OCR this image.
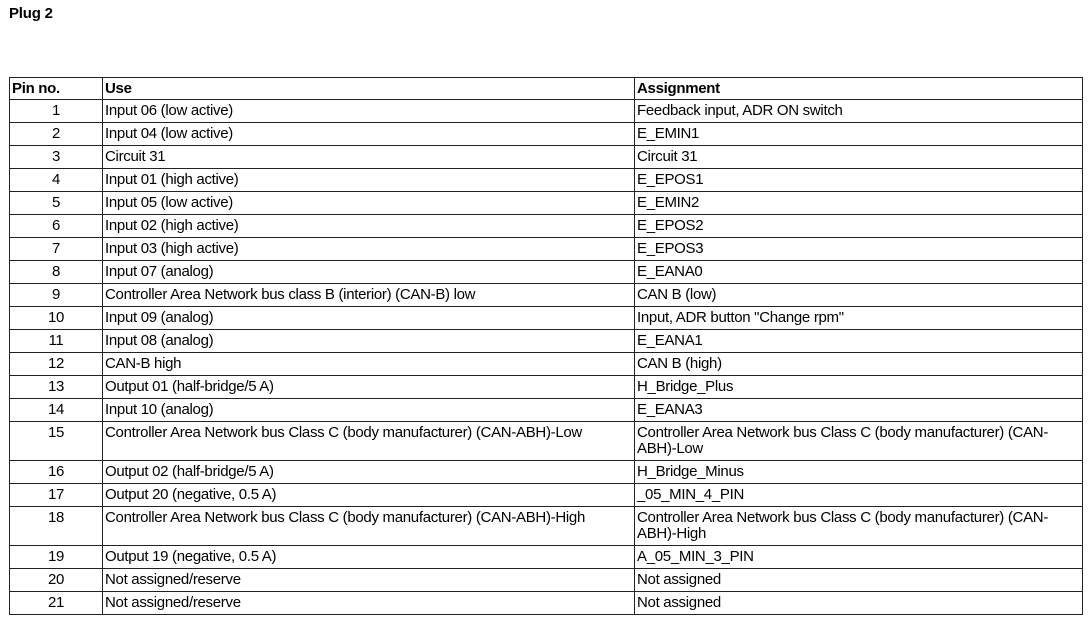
Plug 2
Pin no.	Use	Assignment
1	Input 06 (low active)	Feedback input, ADR ON switch
2	Input 04 (low active)	E_EMIN1
3	Circuit 31	Circuit 31
4	Input 01 (high active)	E_EPOS1
5	Input 05 (low active)	E_EMIN2
6	Input 02 (high active)	E_EPOS2
7	Input 03 (high active)	E_EPOS3
8	Input 07 (analog)	E_EANA0
9	Controller Area Network bus class B (interior) (CAN-B) low	CAN B (low)
10	Input 09 (analog)	Input, ADR button "Change rpm"
11	Input 08 (analog)	E_EANA1
12	CAN-B high	CAN B (high)
13	Output 01 (half-bridge/5 A)	H_Bridge_Plus
14	Input 10 (analog)	E_EANA3
15	Controller Area Network bus Class C (body manufacturer) (CAN-ABH)-Low	Controller Area Network bus Class C (body manufacturer) (CAN-ABH)-Low
16	Output 02 (half-bridge/5 A)	H_Bridge_Minus
17	Output 20 (negative, 0.5 A)	_05_MIN_4_PIN
18	Controller Area Network bus Class C (body manufacturer) (CAN-ABH)-High	Controller Area Network bus Class C (body manufacturer) (CAN-ABH)-High
19	Output 19 (negative, 0.5 A)	A_05_MIN_3_PIN
20	Not assigned/reserve	Not assigned
21	Not assigned/reserve	Not assigned
